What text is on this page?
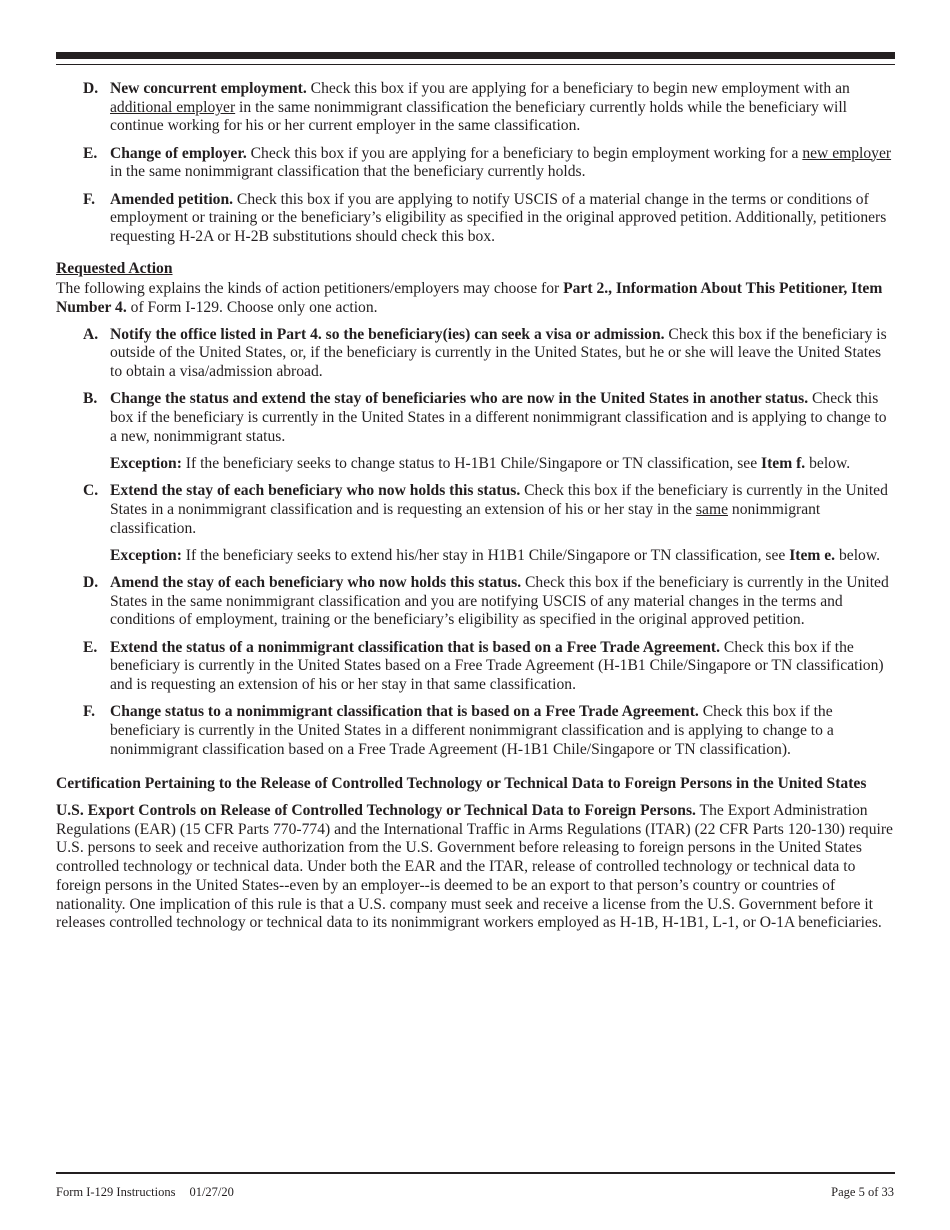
D. New concurrent employment. Check this box if you are applying for a beneficiary to begin new employment with an additional employer in the same nonimmigrant classification the beneficiary currently holds while the beneficiary will continue working for his or her current employer in the same classification.
E. Change of employer. Check this box if you are applying for a beneficiary to begin employment working for a new employer in the same nonimmigrant classification that the beneficiary currently holds.
F. Amended petition. Check this box if you are applying to notify USCIS of a material change in the terms or conditions of employment or training or the beneficiary’s eligibility as specified in the original approved petition. Additionally, petitioners requesting H-2A or H-2B substitutions should check this box.
Requested Action
The following explains the kinds of action petitioners/employers may choose for Part 2., Information About This Petitioner, Item Number 4. of Form I-129. Choose only one action.
A. Notify the office listed in Part 4. so the beneficiary(ies) can seek a visa or admission. Check this box if the beneficiary is outside of the United States, or, if the beneficiary is currently in the United States, but he or she will leave the United States to obtain a visa/admission abroad.
B. Change the status and extend the stay of beneficiaries who are now in the United States in another status. Check this box if the beneficiary is currently in the United States in a different nonimmigrant classification and is applying to change to a new, nonimmigrant status.
Exception: If the beneficiary seeks to change status to H-1B1 Chile/Singapore or TN classification, see Item f. below.
C. Extend the stay of each beneficiary who now holds this status. Check this box if the beneficiary is currently in the United States in a nonimmigrant classification and is requesting an extension of his or her stay in the same nonimmigrant classification.
Exception: If the beneficiary seeks to extend his/her stay in H1B1 Chile/Singapore or TN classification, see Item e. below.
D. Amend the stay of each beneficiary who now holds this status. Check this box if the beneficiary is currently in the United States in the same nonimmigrant classification and you are notifying USCIS of any material changes in the terms and conditions of employment, training or the beneficiary’s eligibility as specified in the original approved petition.
E. Extend the status of a nonimmigrant classification that is based on a Free Trade Agreement. Check this box if the beneficiary is currently in the United States based on a Free Trade Agreement (H-1B1 Chile/Singapore or TN classification) and is requesting an extension of his or her stay in that same classification.
F. Change status to a nonimmigrant classification that is based on a Free Trade Agreement. Check this box if the beneficiary is currently in the United States in a different nonimmigrant classification and is applying to change to a nonimmigrant classification based on a Free Trade Agreement (H-1B1 Chile/Singapore or TN classification).
Certification Pertaining to the Release of Controlled Technology or Technical Data to Foreign Persons in the United States
U.S. Export Controls on Release of Controlled Technology or Technical Data to Foreign Persons. The Export Administration Regulations (EAR) (15 CFR Parts 770-774) and the International Traffic in Arms Regulations (ITAR) (22 CFR Parts 120-130) require U.S. persons to seek and receive authorization from the U.S. Government before releasing to foreign persons in the United States controlled technology or technical data. Under both the EAR and the ITAR, release of controlled technology or technical data to foreign persons in the United States--even by an employer--is deemed to be an export to that person’s country or countries of nationality. One implication of this rule is that a U.S. company must seek and receive a license from the U.S. Government before it releases controlled technology or technical data to its nonimmigrant workers employed as H-1B, H-1B1, L-1, or O-1A beneficiaries.
Form I-129 Instructions 01/27/20	Page 5 of 33
